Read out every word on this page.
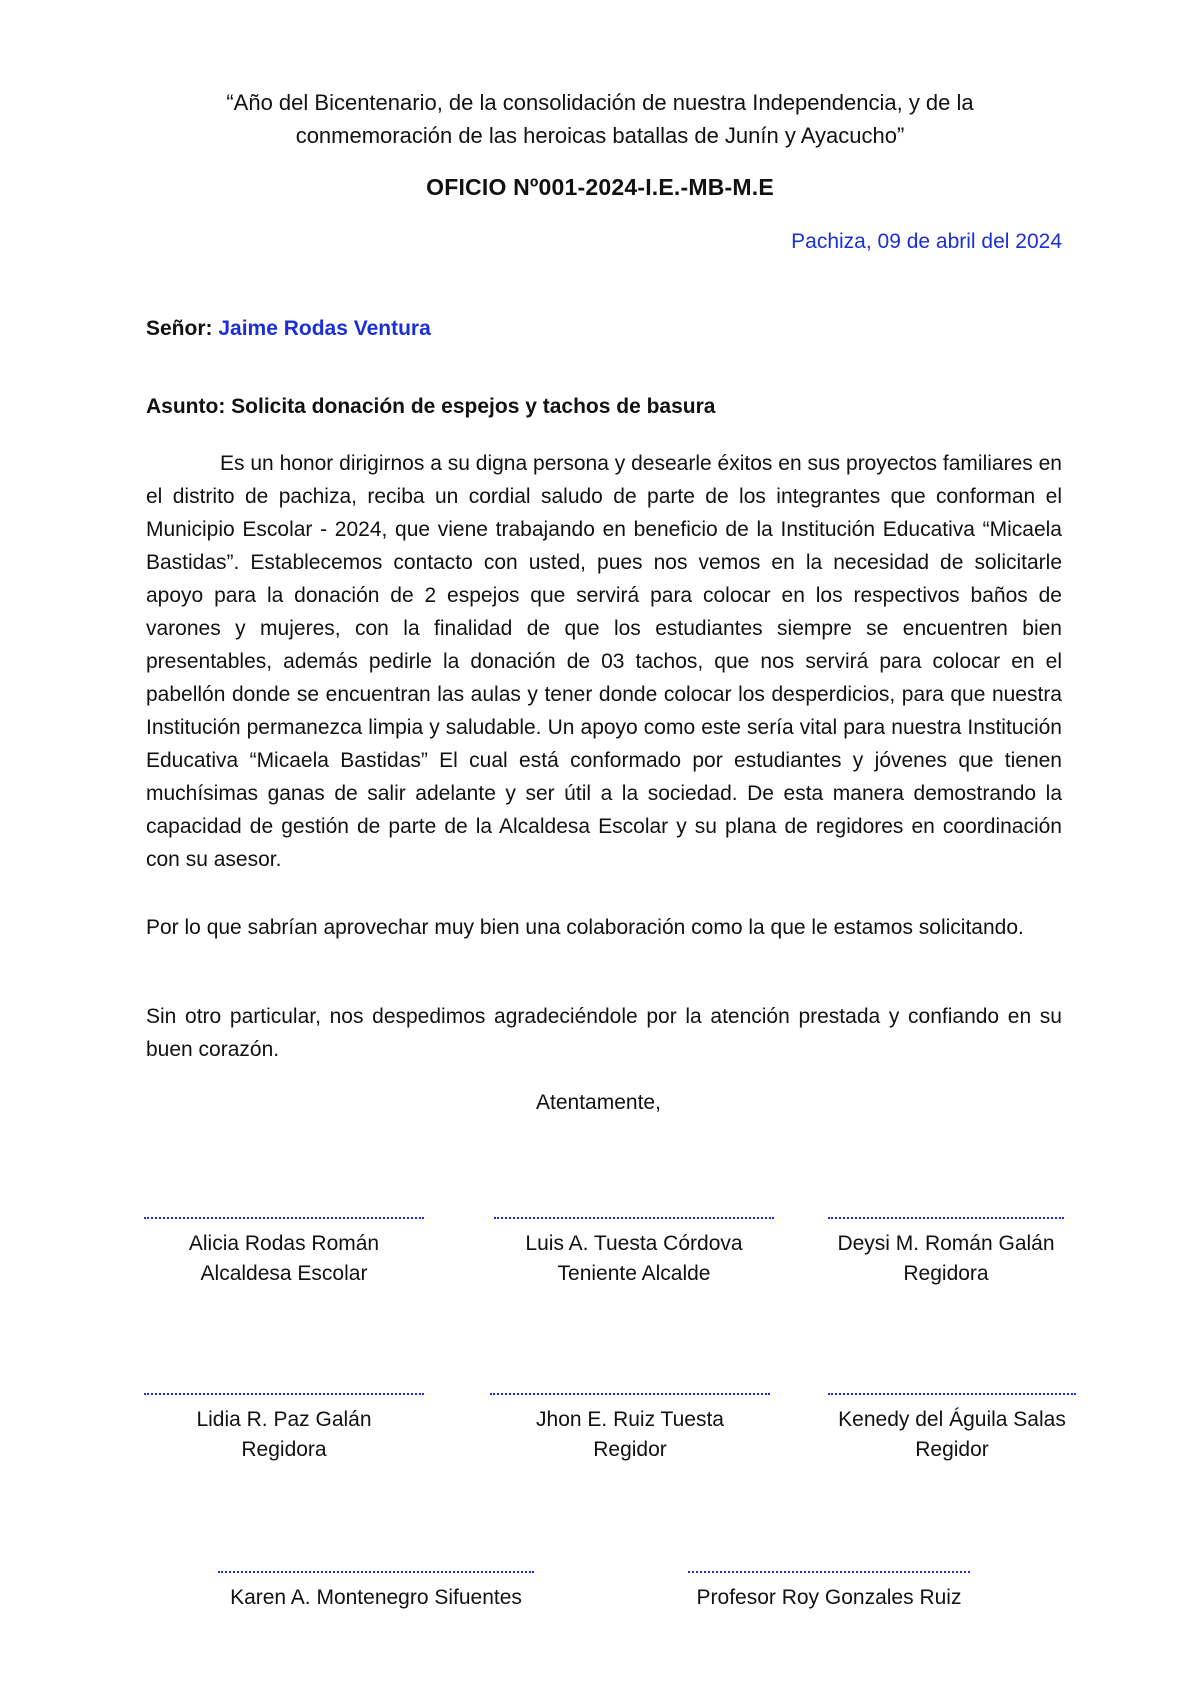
“Año del Bicentenario, de la consolidación de nuestra Independencia, y de la
conmemoración de las heroicas batallas de Junín y Ayacucho”
OFICIO Nº001-2024-I.E.-MB-M.E
Pachiza, 09 de abril del 2024
Señor: Jaime Rodas Ventura
Asunto: Solicita donación de espejos y tachos de basura
Es un honor dirigirnos a su digna persona y desearle éxitos en sus proyectos familiares en el distrito de pachiza, reciba un cordial saludo de parte de los integrantes que conforman el Municipio Escolar - 2024, que viene trabajando en beneficio de la Institución Educativa “Micaela Bastidas”. Establecemos contacto con usted, pues nos vemos en la necesidad de solicitarle apoyo para la donación de 2 espejos que servirá para colocar en los respectivos baños de varones y mujeres, con la finalidad de que los estudiantes siempre se encuentren bien presentables, además pedirle la donación de 03 tachos, que nos servirá para colocar en el pabellón donde se encuentran las aulas y tener donde colocar los desperdicios, para que nuestra Institución permanezca limpia y saludable. Un apoyo como este sería vital para nuestra Institución Educativa “Micaela Bastidas” El cual está conformado por estudiantes y jóvenes que tienen muchísimas ganas de salir adelante y ser útil a la sociedad. De esta manera demostrando la capacidad de gestión de parte de la Alcaldesa Escolar y su plana de regidores en coordinación con su asesor.
Por lo que sabrían aprovechar muy bien una colaboración como la que le estamos solicitando.
Sin otro particular, nos despedimos agradeciéndole por la atención prestada y confiando en su buen corazón.
Atentamente,
Alicia Rodas Román
Alcaldesa Escolar
Luis A. Tuesta Córdova
Teniente Alcalde
Deysi M. Román Galán
Regidora
Lidia R. Paz Galán
Regidora
Jhon E. Ruiz Tuesta
Regidor
Kenedy del Águila Salas
Regidor
Karen A. Montenegro Sifuentes	Profesor Roy Gonzales Ruiz
